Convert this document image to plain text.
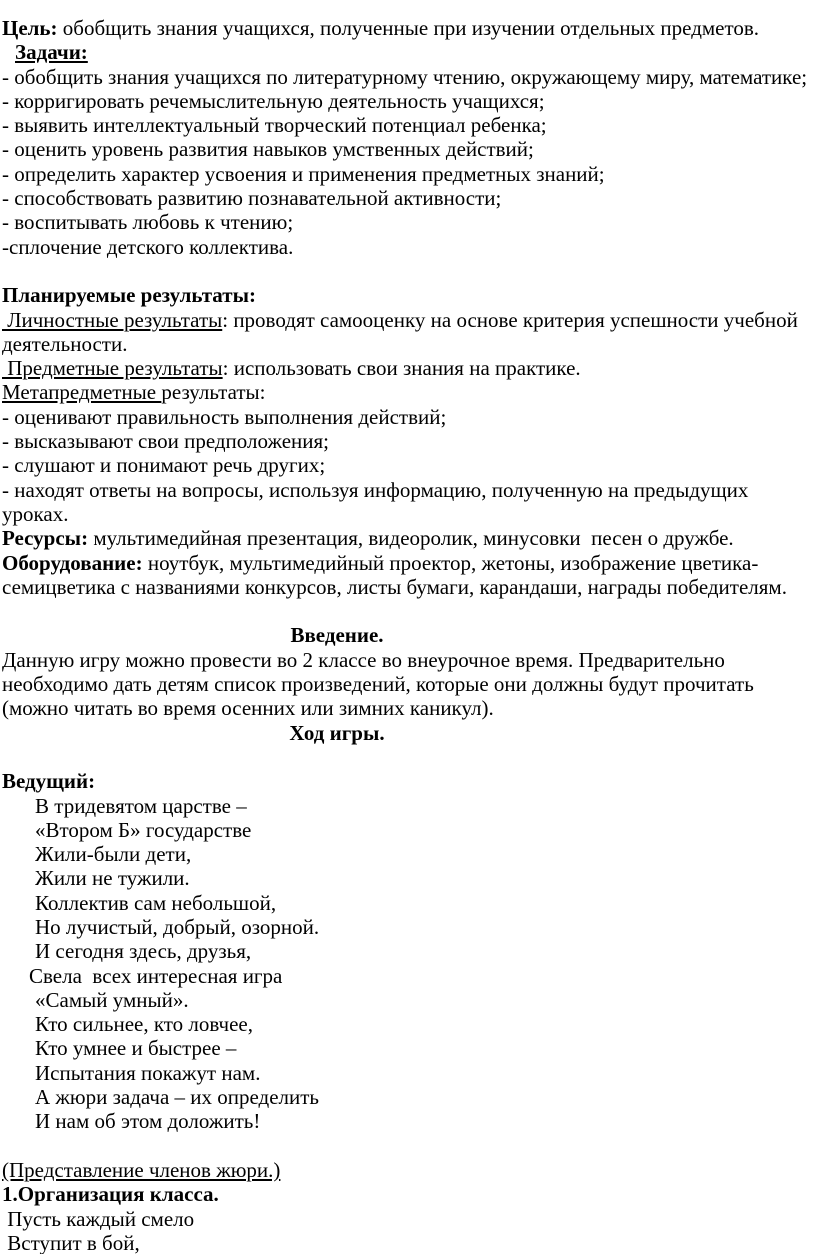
Цель: обобщить знания учащихся, полученные при изучении отдельных предметов.
Задачи:
- обобщить знания учащихся по литературному чтению, окружающему миру, математике;
- корригировать речемыслительную деятельность учащихся;
- выявить интеллектуальный творческий потенциал ребенка;
- оценить уровень развития навыков умственных действий;
- определить характер усвоения и применения предметных знаний;
- способствовать развитию познавательной активности;
- воспитывать любовь к чтению;
-сплочение детского коллектива.
Планируемые результаты:
Личностные результаты: проводят самооценку на основе критерия успешности учебной
деятельности.
Предметные результаты: использовать свои знания на практике.
Метапредметные результаты:
- оценивают правильность выполнения действий;
- высказывают свои предположения;
- слушают и понимают речь других;
- находят ответы на вопросы, используя информацию, полученную на предыдущих
уроках.
Ресурсы: мультимедийная презентация, видеоролик, минусовки  песен о дружбе.
Оборудование: ноутбук, мультимедийный проектор, жетоны, изображение цветика-
семицветика с названиями конкурсов, листы бумаги, карандаши, награды победителям.
Введение.
Данную игру можно провести во 2 классе во внеурочное время. Предварительно
необходимо дать детям список произведений, которые они должны будут прочитать
(можно читать во время осенних или зимних каникул).
Ход игры.
Ведущий:
В тридевятом царстве –
«Втором Б» государстве
Жили-были дети,
Жили не тужили.
Коллектив сам небольшой,
Но лучистый, добрый, озорной.
И сегодня здесь, друзья,
Свела  всех интересная игра
«Самый умный».
Кто сильнее, кто ловчее,
Кто умнее и быстрее –
Испытания покажут нам.
А жюри задача – их определить
И нам об этом доложить!
(Представление членов жюри.)
1.Организация класса.
Пусть каждый смело
Вступит в бой,
